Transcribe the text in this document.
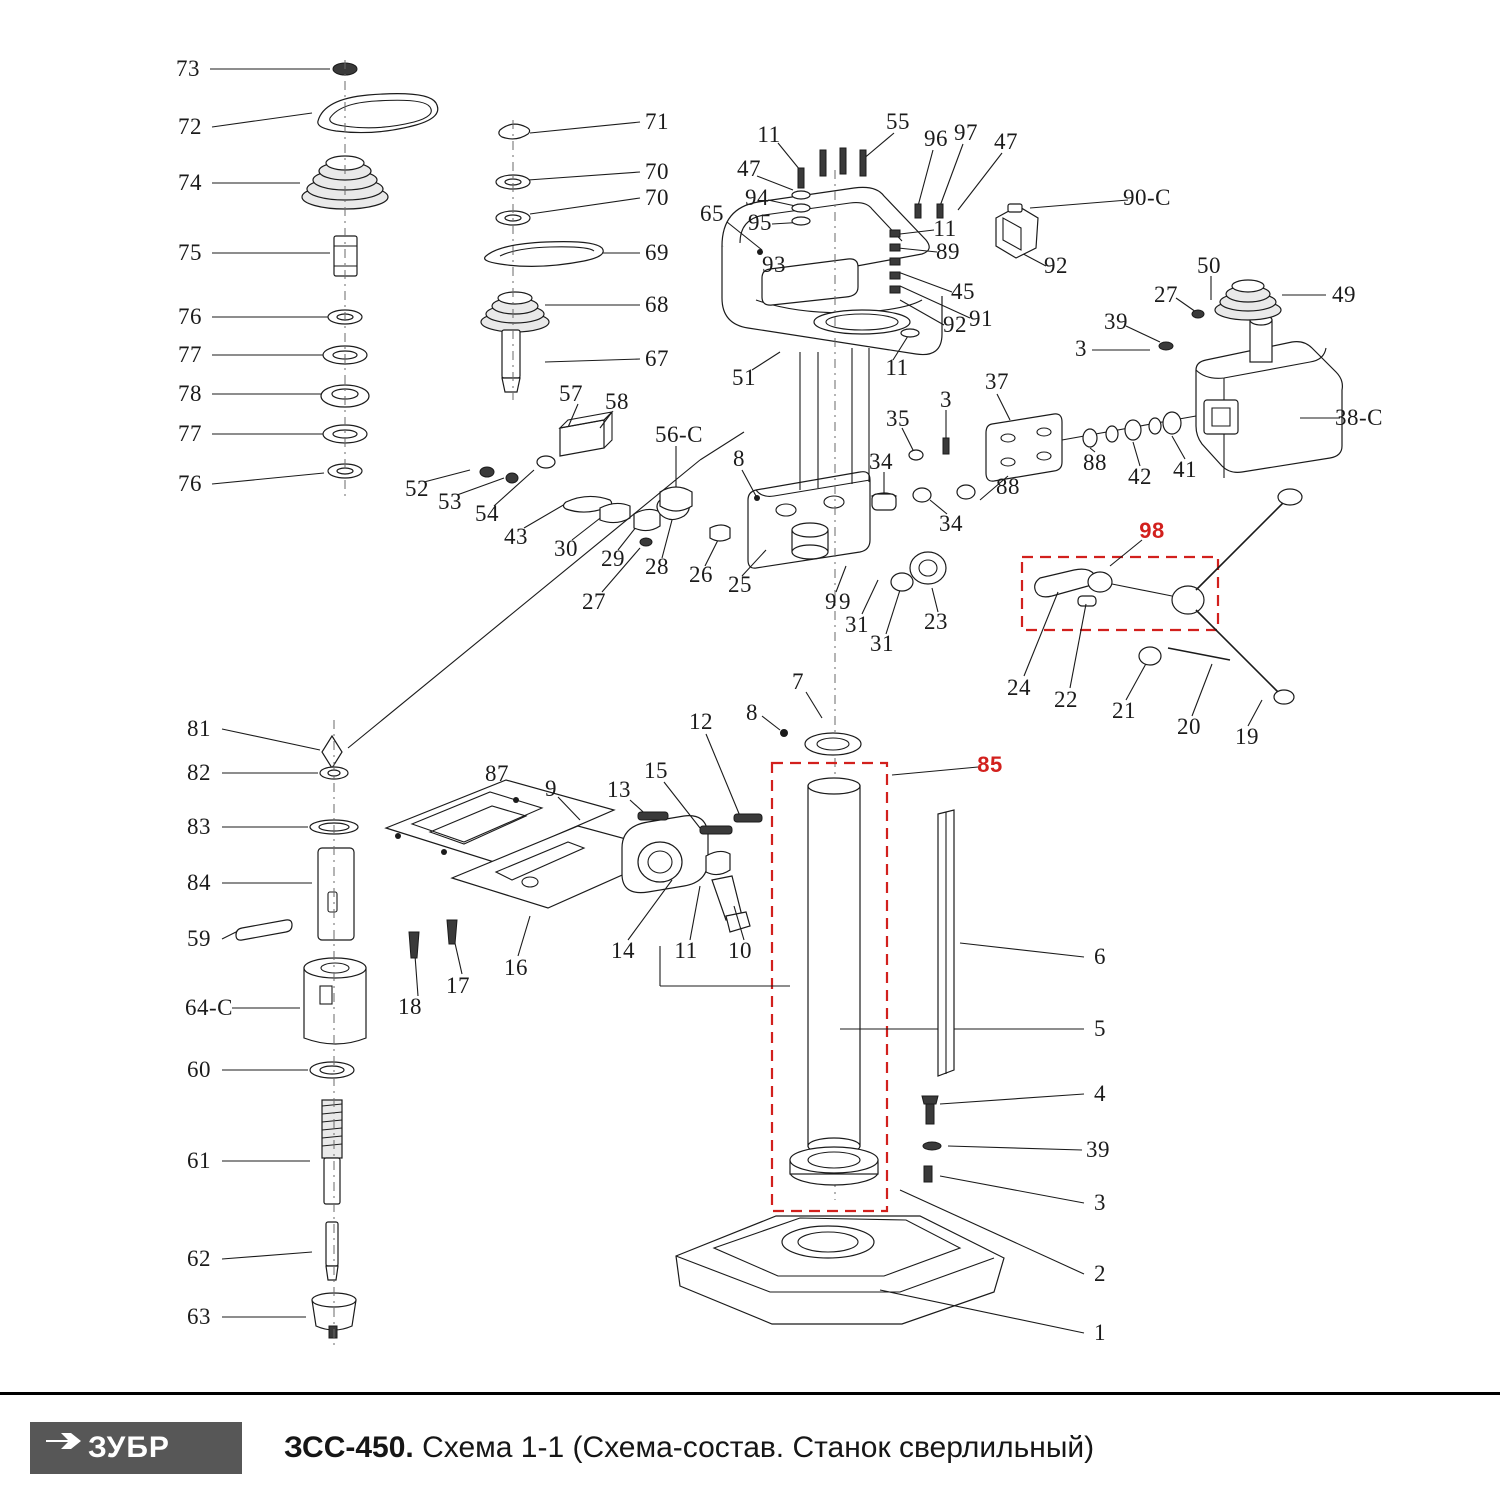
73
72
74
75
76
77
78
77
76
71
70
70
69
68
67
65
93
11
47
94
95
55
96 97 47
11
89
92
45
91
92
11
51
90-С
50
49
27
39
3
38-С
37
35
3
34	88
42 41
88
34
8
57 58
56-С
52
53 54
43 30 29 28 26 25
27	9 9
31
31
23
98
24 22 21
20 19
81
82
83
84
59
64-С
60
61
62
63
87
9 13
15
12 8
7
18
17
16
14 11 10
85
6
5
4
39
3
2
1
ЗУБР	ЗСС-450. Схема 1-1 (Схема-состав. Станок сверлильный)
